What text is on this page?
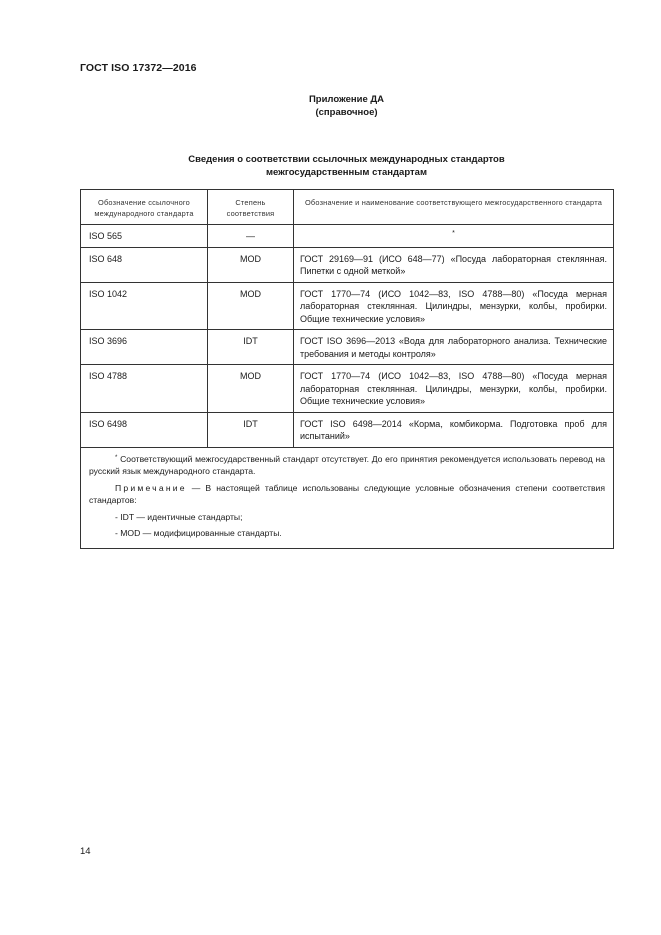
ГОСТ ISO 17372—2016
Приложение ДА
(справочное)
Сведения о соответствии ссылочных международных стандартов
межгосударственным стандартам
Обозначение ссылочного международного стандарта	Степень соответствия	Обозначение и наименование соответствующего межгосударственного стандарта
ISO 565	—	*
ISO 648	MOD	ГОСТ 29169—91 (ИСО 648—77) «Посуда лабораторная стеклянная. Пипетки с одной меткой»
ISO 1042	MOD	ГОСТ 1770—74 (ИСО 1042—83, ISO 4788—80) «Посуда мерная лабораторная стеклянная. Цилиндры, мензурки, колбы, пробирки. Общие технические условия»
ISO 3696	IDT	ГОСТ ISO 3696—2013 «Вода для лабораторного анализа. Технические требования и методы контроля»
ISO 4788	MOD	ГОСТ 1770—74 (ИСО 1042—83, ISO 4788—80) «Посуда мерная лабораторная стеклянная. Цилиндры, мензурки, колбы, пробирки. Общие технические условия»
ISO 6498	IDT	ГОСТ ISO 6498—2014 «Корма, комбикорма. Подготовка проб для испытаний»

* Соответствующий межгосударственный стандарт отсутствует. До его принятия рекомендуется использовать перевод на русский язык международного стандарта.

Примечание — В настоящей таблице использованы следующие условные обозначения степени соответствия стандартов:

- IDT — идентичные стандарты;

- MOD — модифицированные стандарты.		

14
